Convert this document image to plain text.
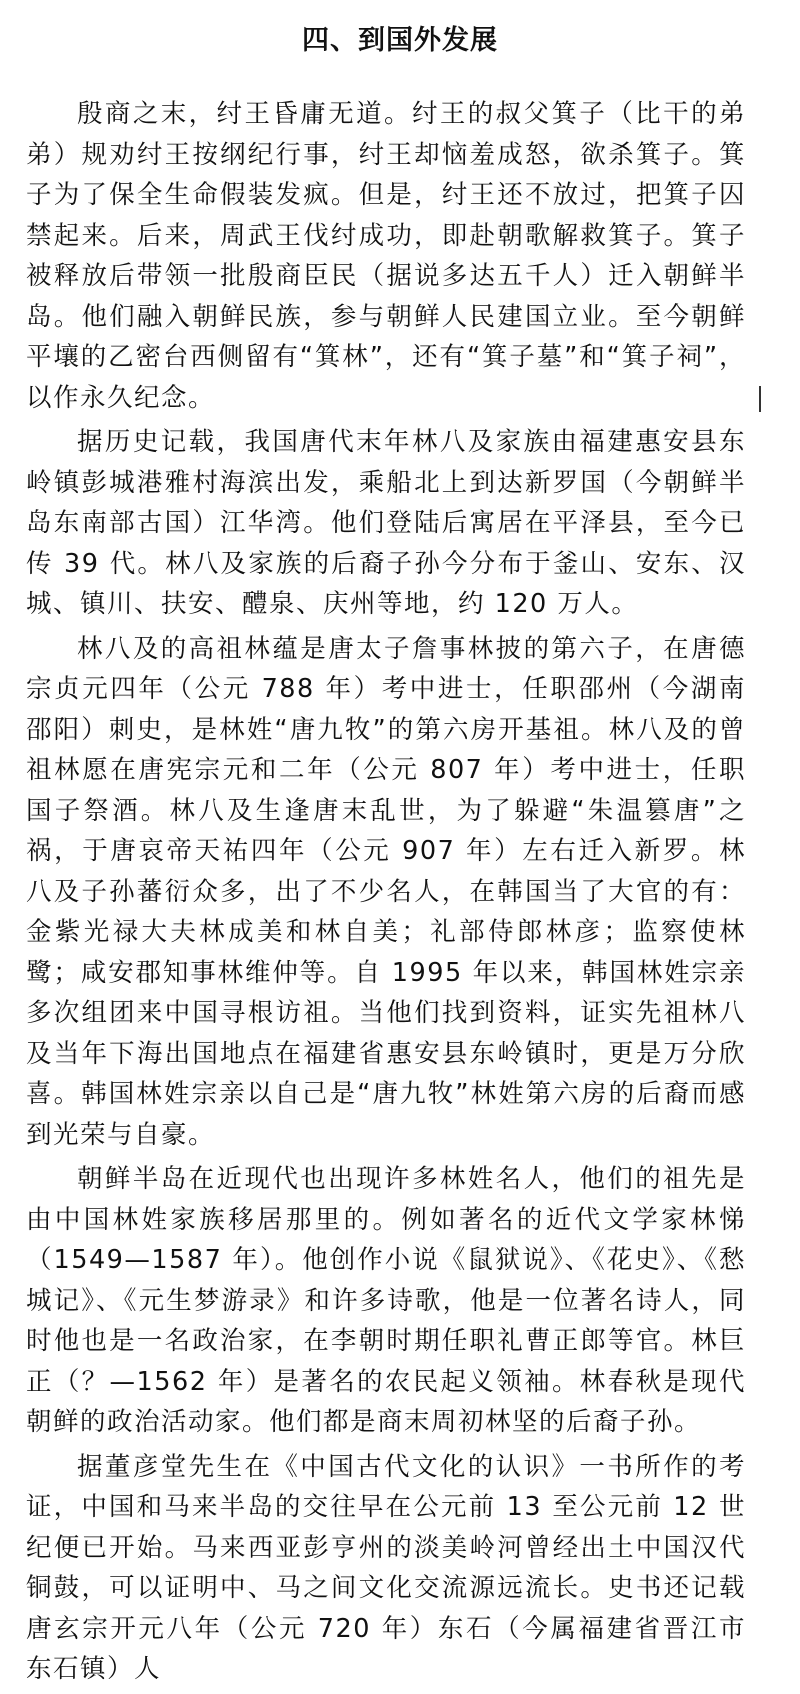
四、到国外发展

殷商之末，纣王昏庸无道。纣王的叔父箕子（比干的弟弟）规劝纣王按纲纪行事，纣王却恼羞成怒，欲杀箕子。箕子为了保全生命假装发疯。但是，纣王还不放过，把箕子囚禁起来。后来，周武王伐纣成功，即赴朝歌解救箕子。箕子被释放后带领一批殷商臣民（据说多达五千人）迁入朝鲜半岛。他们融入朝鲜民族，参与朝鲜人民建国立业。至今朝鲜平壤的乙密台西侧留有“箕林”，还有“箕子墓”和“箕子祠”，以作永久纪念。

据历史记载，我国唐代末年林八及家族由福建惠安县东岭镇彭城港雅村海滨出发，乘船北上到达新罗国（今朝鲜半岛东南部古国）江华湾。他们登陆后寓居在平泽县，至今已传 39 代。林八及家族的后裔子孙今分布于釜山、安东、汉城、镇川、扶安、醴泉、庆州等地，约 120 万人。

林八及的高祖林蕴是唐太子詹事林披的第六子，在唐德宗贞元四年（公元 788 年）考中进士，任职邵州（今湖南邵阳）刺史，是林姓“唐九牧”的第六房开基祖。林八及的曾祖林愿在唐宪宗元和二年（公元 807 年）考中进士，任职国子祭酒。林八及生逢唐末乱世，为了躲避“朱温篡唐”之祸，于唐哀帝天祐四年（公元 907 年）左右迁入新罗。林八及子孙蕃衍众多，出了不少名人，在韩国当了大官的有：金紫光禄大夫林成美和林自美；礼部侍郎林彦；监察使林鹭；咸安郡知事林维仲等。自 1995 年以来，韩国林姓宗亲多次组团来中国寻根访祖。当他们找到资料，证实先祖林八及当年下海出国地点在福建省惠安县东岭镇时，更是万分欣喜。韩国林姓宗亲以自己是“唐九牧”林姓第六房的后裔而感到光荣与自豪。

朝鲜半岛在近现代也出现许多林姓名人，他们的祖先是由中国林姓家族移居那里的。例如著名的近代文学家林悌（1549—1587 年）。他创作小说《鼠狱说》、《花史》、《愁城记》、《元生梦游录》和许多诗歌，他是一位著名诗人，同时他也是一名政治家，在李朝时期任职礼曹正郎等官。林巨正（？—1562 年）是著名的农民起义领袖。林春秋是现代朝鲜的政治活动家。他们都是商末周初林坚的后裔子孙。

据董彦堂先生在《中国古代文化的认识》一书所作的考证，中国和马来半岛的交往早在公元前 13 至公元前 12 世纪便已开始。马来西亚彭亨州的淡美岭河曾经出土中国汉代铜鼓，可以证明中、马之间文化交流源远流长。史书还记载唐玄宗开元八年（公元 720 年）东石（今属福建省晋江市东石镇）人
